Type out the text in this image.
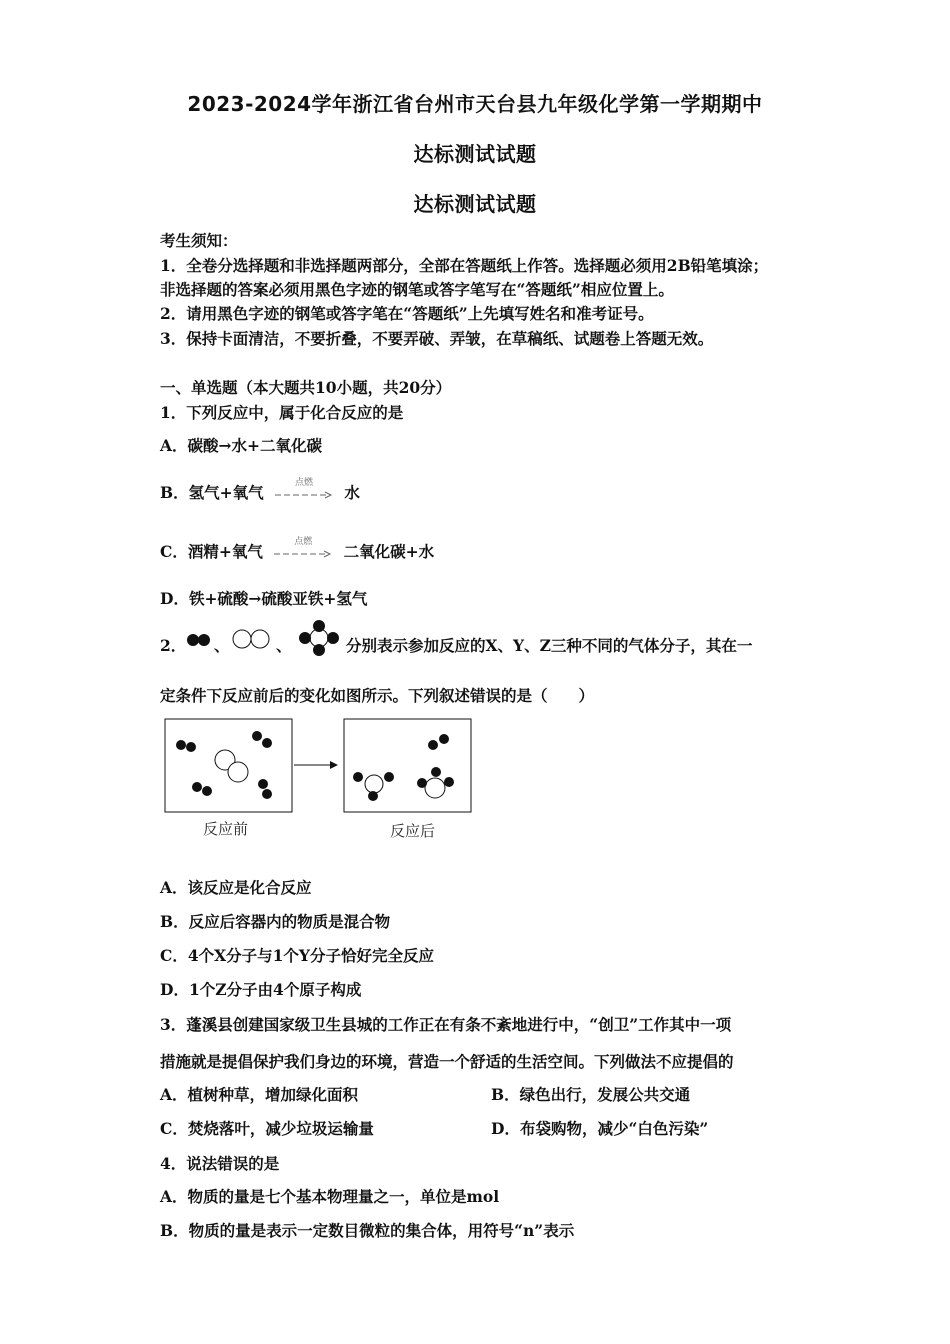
2023-2024学年浙江省台州市天台县九年级化学第一学期期中
达标测试试题
达标测试试题
考生须知：
1．全卷分选择题和非选择题两部分，全部在答题纸上作答。选择题必须用2B铅笔填涂；
非选择题的答案必须用黑色字迹的钢笔或答字笔写在“答题纸”相应位置上。
2．请用黑色字迹的钢笔或答字笔在“答题纸”上先填写姓名和准考证号。
3．保持卡面清洁，不要折叠，不要弄破、弄皱，在草稿纸、试题卷上答题无效。
一、单选题（本大题共10小题，共20分）
1．下列反应中，属于化合反应的是
A．碳酸→水+二氧化碳
B．氢气+氧气	点燃	水
C．酒精+氧气	点燃	二氧化碳+水
D．铁+硫酸→硫酸亚铁+氢气
2． 、	、	分别表示参加反应的X、Y、Z三种不同的气体分子，其在一
定条件下反应前后的变化如图所示。下列叙述错误的是（　　）
反应前	反应后
A．该反应是化合反应
B．反应后容器内的物质是混合物
C．4个X分子与1个Y分子恰好完全反应
D．1个Z分子由4个原子构成
3．蓬溪县创建国家级卫生县城的工作正在有条不紊地进行中，“创卫”工作其中一项
措施就是提倡保护我们身边的环境，营造一个舒适的生活空间。下列做法不应提倡的
A．植树种草，增加绿化面积	B．绿色出行，发展公共交通
C．焚烧落叶，减少垃圾运输量	D．布袋购物，减少“白色污染”
4．说法错误的是
A．物质的量是七个基本物理量之一，单位是mol
B．物质的量是表示一定数目微粒的集合体，用符号“n”表示
